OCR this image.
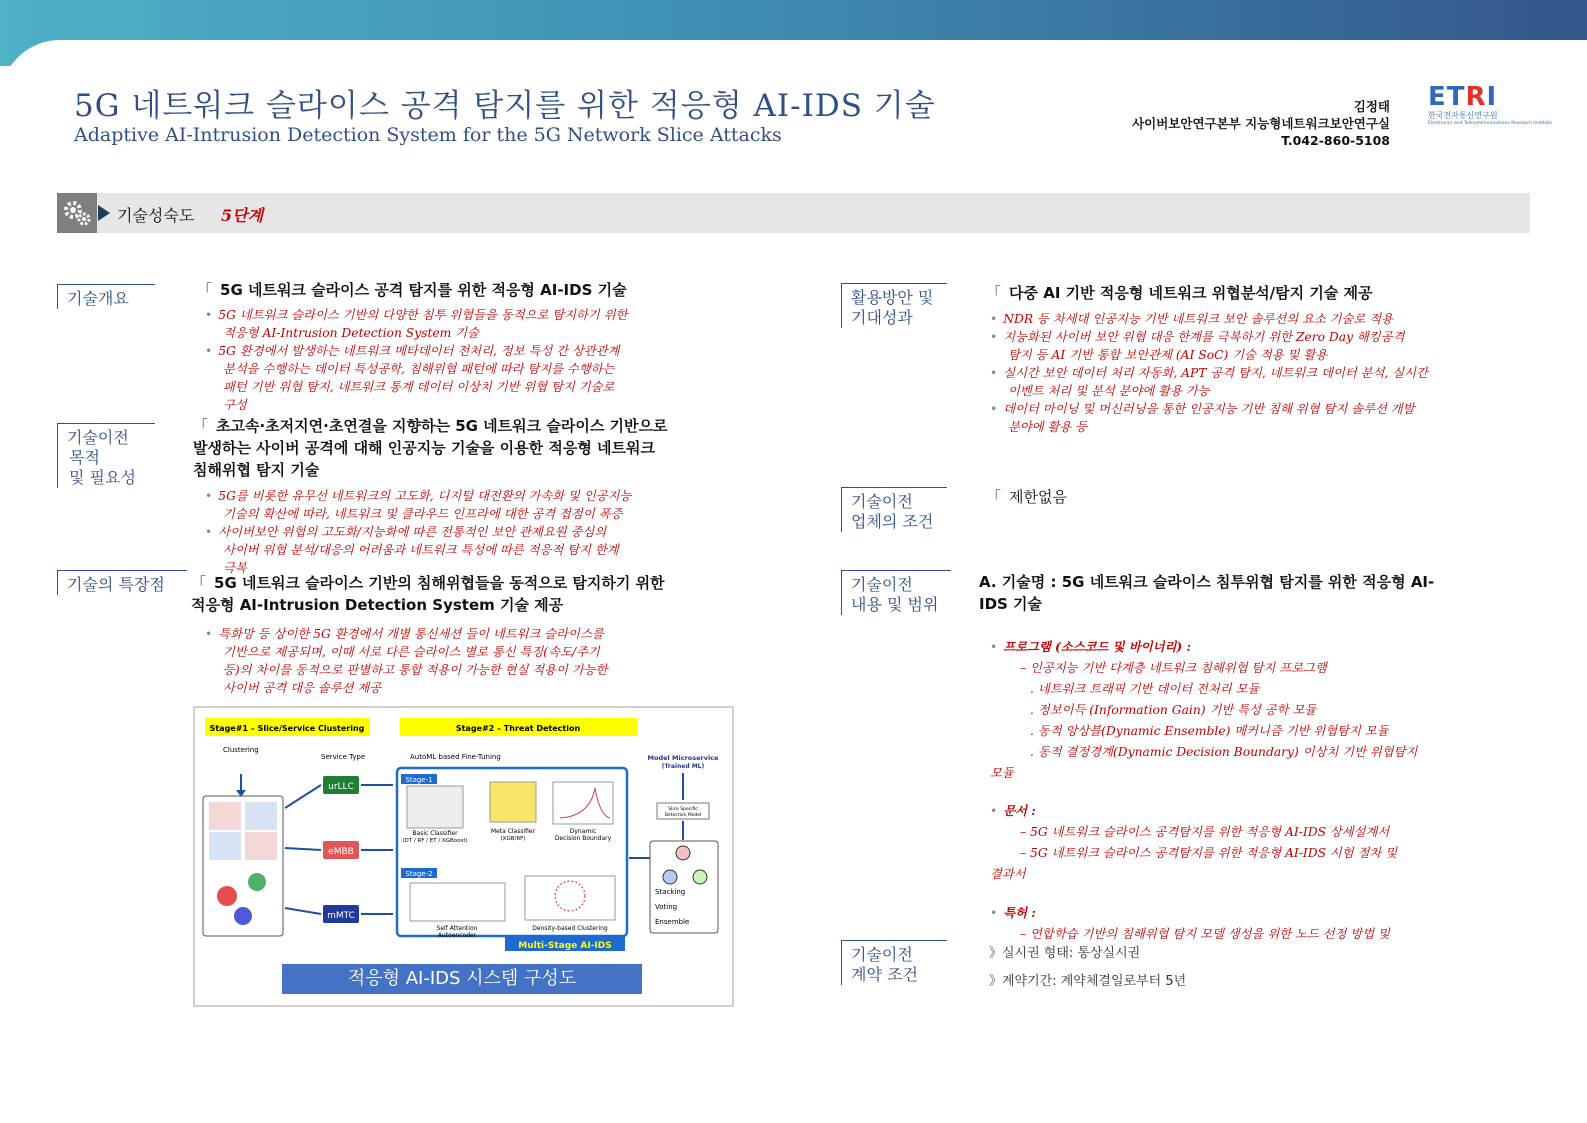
5G 네트워크 슬라이스 공격 탐지를 위한 적응형 AI-IDS 기술
Adaptive AI-Intrusion Detection System for the 5G Network Slice Attacks
김정태
사이버보안연구본부 지능형네트워크보안연구실
T.042-860-5108
ETRI
한국전자통신연구원
Electronics and Telecommunications Research Institute
기술성숙도 5단계
기술개요	「 5G 네트워크 슬라이스 공격 탐지를 위한 적응형 AI-IDS 기술
• 5G 네트워크 슬라이스 기반의 다양한 침투 위협들을 동적으로 탐지하기 위한
적응형 AI-Intrusion Detection System 기술
• 5G 환경에서 발생하는 네트워크 메타데이터 전처리, 정보 특성 간 상관관계
분석을 수행하는 데이터 특성공학, 침해위협 패턴에 따라 탐지를 수행하는
패턴 기반 위협 탐지, 네트워크 통계 데이터 이상치 기반 위협 탐지 기술로
구성
기술이전
목적
및 필요성
「 초고속·초저지연·초연결을 지향하는 5G 네트워크 슬라이스 기반으로
발생하는 사이버 공격에 대해 인공지능 기술을 이용한 적응형 네트워크
침해위협 탐지 기술
• 5G를 비롯한 유무선 네트워크의 고도화, 디지털 대전환의 가속화 및 인공지능
기술의 확산에 따라, 네트워크 및 클라우드 인프라에 대한 공격 접점이 폭증
• 사이버보안 위협의 고도화/지능화에 따른 전통적인 보안 관제요원 중심의
사이버 위협 분석/대응의 어려움과 네트워크 특성에 따른 적응적 탐지 한계
극복
기술의 특장점	「 5G 네트워크 슬라이스 기반의 침해위협들을 동적으로 탐지하기 위한
적응형 AI-Intrusion Detection System 기술 제공
• 특화망 등 상이한 5G 환경에서 개별 통신세션 들이 네트워크 슬라이스를
기반으로 제공되며, 이때 서로 다른 슬라이스 별로 통신 특징(속도/주기
등)의 차이를 동적으로 판별하고 통합 적용이 가능한 현실 적용이 가능한
사이버 공격 대응 솔루션 제공
Stage#1 – Slice/Service Clustering	Stage#2 – Threat Detection
Clustering
Service Type	AutoML based Fine-Tuning	Model Microservice
(Trained ML)
urLLC
eMBB
mMTC
Stage-1
Basic Classifier
(DT / RF / ET / XGBoost)
Meta Classifier
(XGB/RF)
Dynamic
Decision Boundary
Stage-2
Self Attention
Autoencoder
Density-based Clustering
Multi-Stage AI-IDS
Slice Specific
Detection Model
Stacking
Voting
Ensemble
적응형 AI-IDS 시스템 구성도
활용방안 및
기대성과
「 다중 AI 기반 적응형 네트워크 위협분석/탐지 기술 제공
• NDR 등 차세대 인공지능 기반 네트워크 보안 솔루션의 요소 기술로 적용
• 지능화된 사이버 보안 위협 대응 한계를 극복하기 위한 Zero Day 해킹공격
탐지 등 AI 기반 통합 보안관제 (AI SoC) 기술 적용 및 활용
• 실시간 보안 데이터 처리 자동화, APT 공격 탐지, 네트워크 데이터 분석, 실시간
이벤트 처리 및 분석 분야에 활용 가능
• 데이터 마이닝 및 머신러닝을 통한 인공지능 기반 침해 위협 탐지 솔루션 개발
분야에 활용 등
기술이전
업체의 조건
「 제한없음
기술이전
내용 및 범위
A. 기술명 : 5G 네트워크 슬라이스 침투위협 탐지를 위한 적응형 AI-
IDS 기술
• 프로그램 (소스코드 및 바이너리) :
– 인공지능 기반 다계층 네트워크 침해위협 탐지 프로그램
. 네트워크 트래픽 기반 데이터 전처리 모듈
. 정보이득 (Information Gain) 기반 특성 공학 모듈
. 동적 앙상블(Dynamic Ensemble) 메커니즘 기반 위협탐지 모듈
. 동적 결정경계(Dynamic Decision Boundary) 이상치 기반 위협탐지
모듈
• 문서 :
– 5G 네트워크 슬라이스 공격탐지를 위한 적응형 AI-IDS 상세설계서
– 5G 네트워크 슬라이스 공격탐지를 위한 적응형 AI-IDS 시험 절차 및
결과서
• 특허 :
– 연합학습 기반의 침해위협 탐지 모델 생성을 위한 노드 선정 방법 및
기술이전
계약 조건
》실시권 형태: 통상실시권
》계약기간: 계약체결일로부터 5년
